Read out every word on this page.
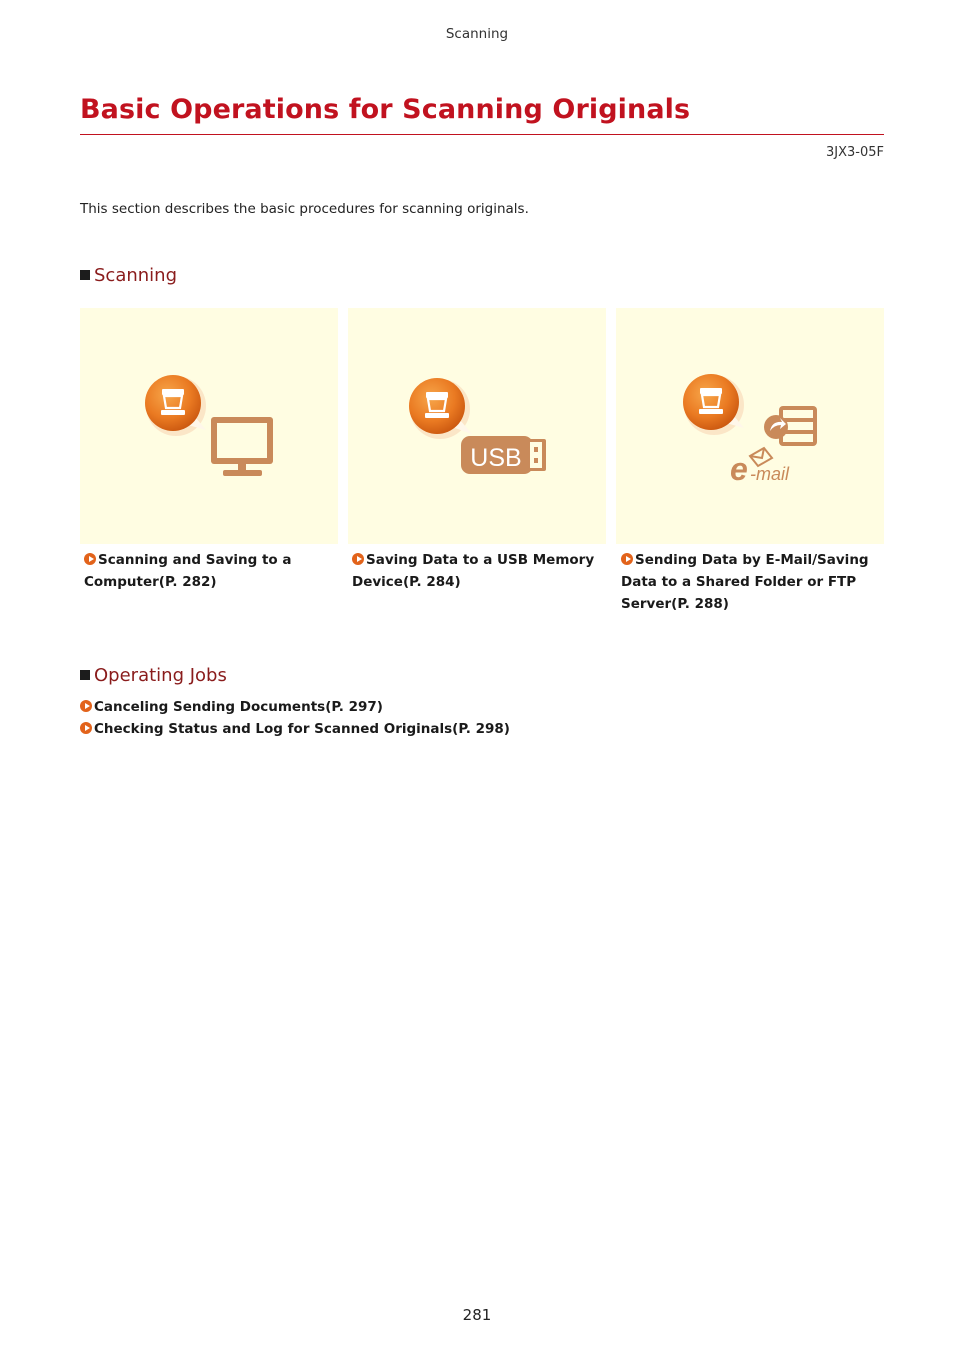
Scanning
Basic Operations for Scanning Originals
3JX3-05F
This section describes the basic procedures for scanning originals.
Scanning
USB	e -mail
Scanning and Saving to a
Computer(P. 282)
Saving Data to a USB Memory
Device(P. 284)
Sending Data by E-Mail/Saving
Data to a Shared Folder or FTP
Server(P. 288)
Operating Jobs
Canceling Sending Documents(P. 297)
Checking Status and Log for Scanned Originals(P. 298)
281
